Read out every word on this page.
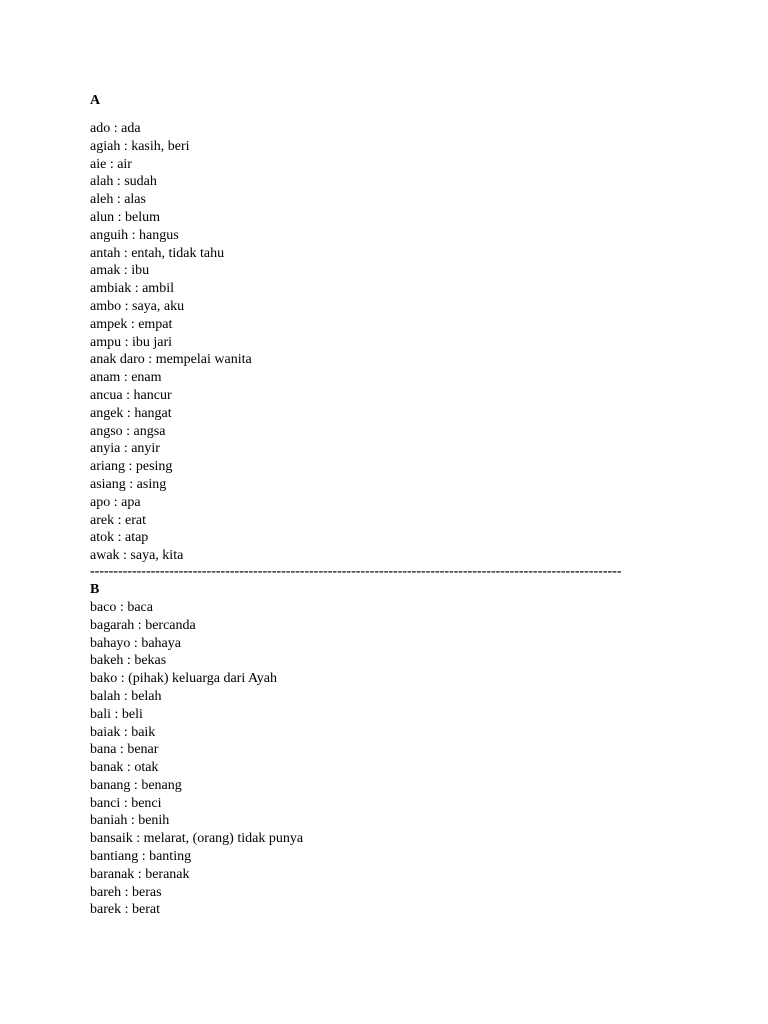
A
ado : ada
agiah : kasih, beri
aie : air
alah : sudah
aleh : alas
alun : belum
anguih : hangus
antah : entah, tidak tahu
amak : ibu
ambiak : ambil
ambo : saya, aku
ampek : empat
ampu : ibu jari
anak daro : mempelai wanita
anam : enam
ancua : hancur
angek : hangat
angso : angsa
anyia : anyir
ariang : pesing
asiang : asing
apo : apa
arek : erat
atok : atap
awak : saya, kita
------------------------------------------------------------------------------------------------------------------
B
baco : baca
bagarah : bercanda
bahayo : bahaya
bakeh : bekas
bako : (pihak) keluarga dari Ayah
balah : belah
bali : beli
baiak : baik
bana : benar
banak : otak
banang : benang
banci : benci
baniah : benih
bansaik : melarat, (orang) tidak punya
bantiang : banting
baranak : beranak
bareh : beras
barek : berat
